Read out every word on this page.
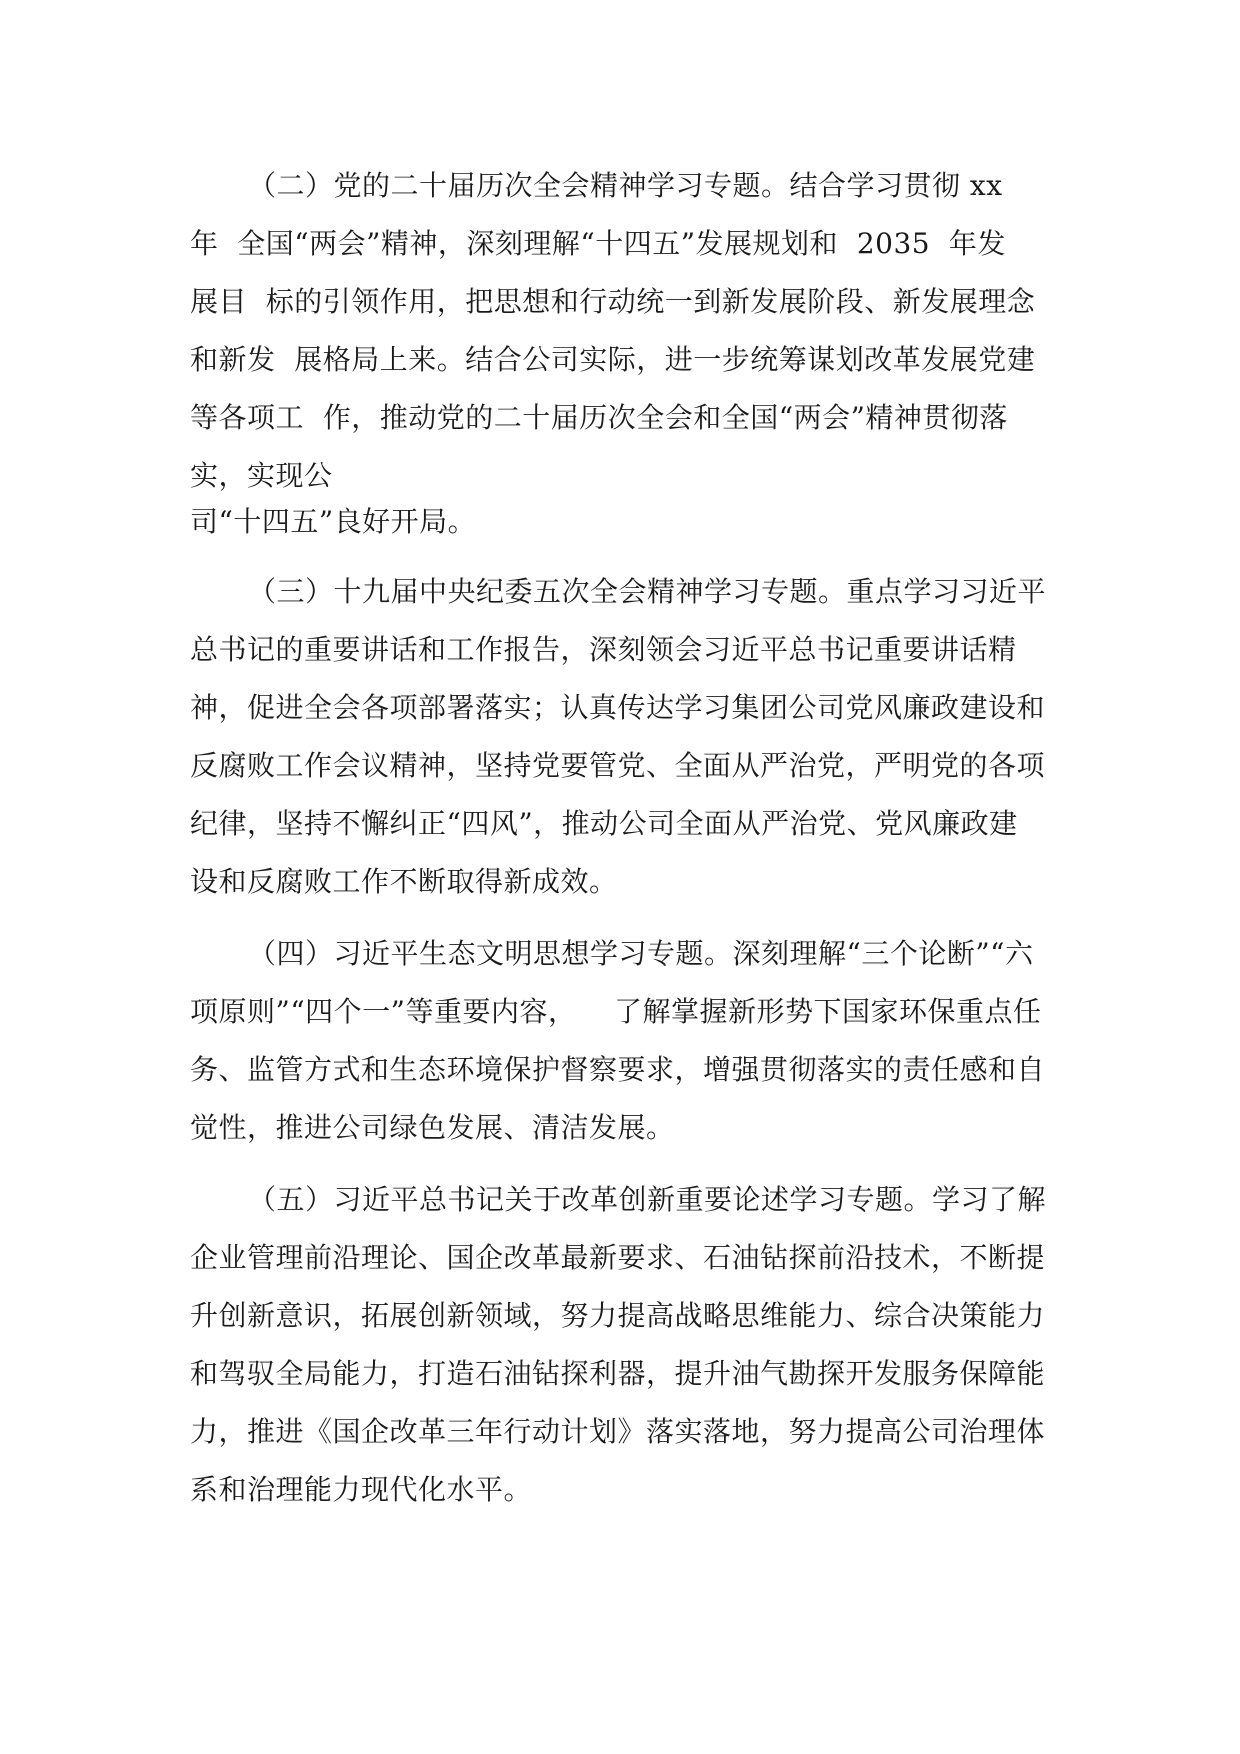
（二）党的二十届历次全会精神学习专题。结合学习贯彻 xx
年  全国“两会”精神，深刻理解“十四五”发展规划和  2035  年发
展目  标的引领作用，把思想和行动统一到新发展阶段、新发展理念
和新发  展格局上来。结合公司实际，进一步统筹谋划改革发展党建
等各项工  作，推动党的二十届历次全会和全国“两会”精神贯彻落
实，实现公
司“十四五”良好开局。
（三）十九届中央纪委五次全会精神学习专题。重点学习习近平
总书记的重要讲话和工作报告，深刻领会习近平总书记重要讲话精
神，促进全会各项部署落实；认真传达学习集团公司党风廉政建设和
反腐败工作会议精神，坚持党要管党、全面从严治党，严明党的各项
纪律，坚持不懈纠正“四风”，推动公司全面从严治党、党风廉政建
设和反腐败工作不断取得新成效。
（四）习近平生态文明思想学习专题。深刻理解“三个论断”“六
项原则”“四个一”等重要内容，    了解掌握新形势下国家环保重点任
务、监管方式和生态环境保护督察要求，增强贯彻落实的责任感和自
觉性，推进公司绿色发展、清洁发展。
（五）习近平总书记关于改革创新重要论述学习专题。学习了解
企业管理前沿理论、国企改革最新要求、石油钻探前沿技术，不断提
升创新意识，拓展创新领域，努力提高战略思维能力、综合决策能力
和驾驭全局能力，打造石油钻探利器，提升油气勘探开发服务保障能
力，推进《国企改革三年行动计划》落实落地，努力提高公司治理体
系和治理能力现代化水平。
